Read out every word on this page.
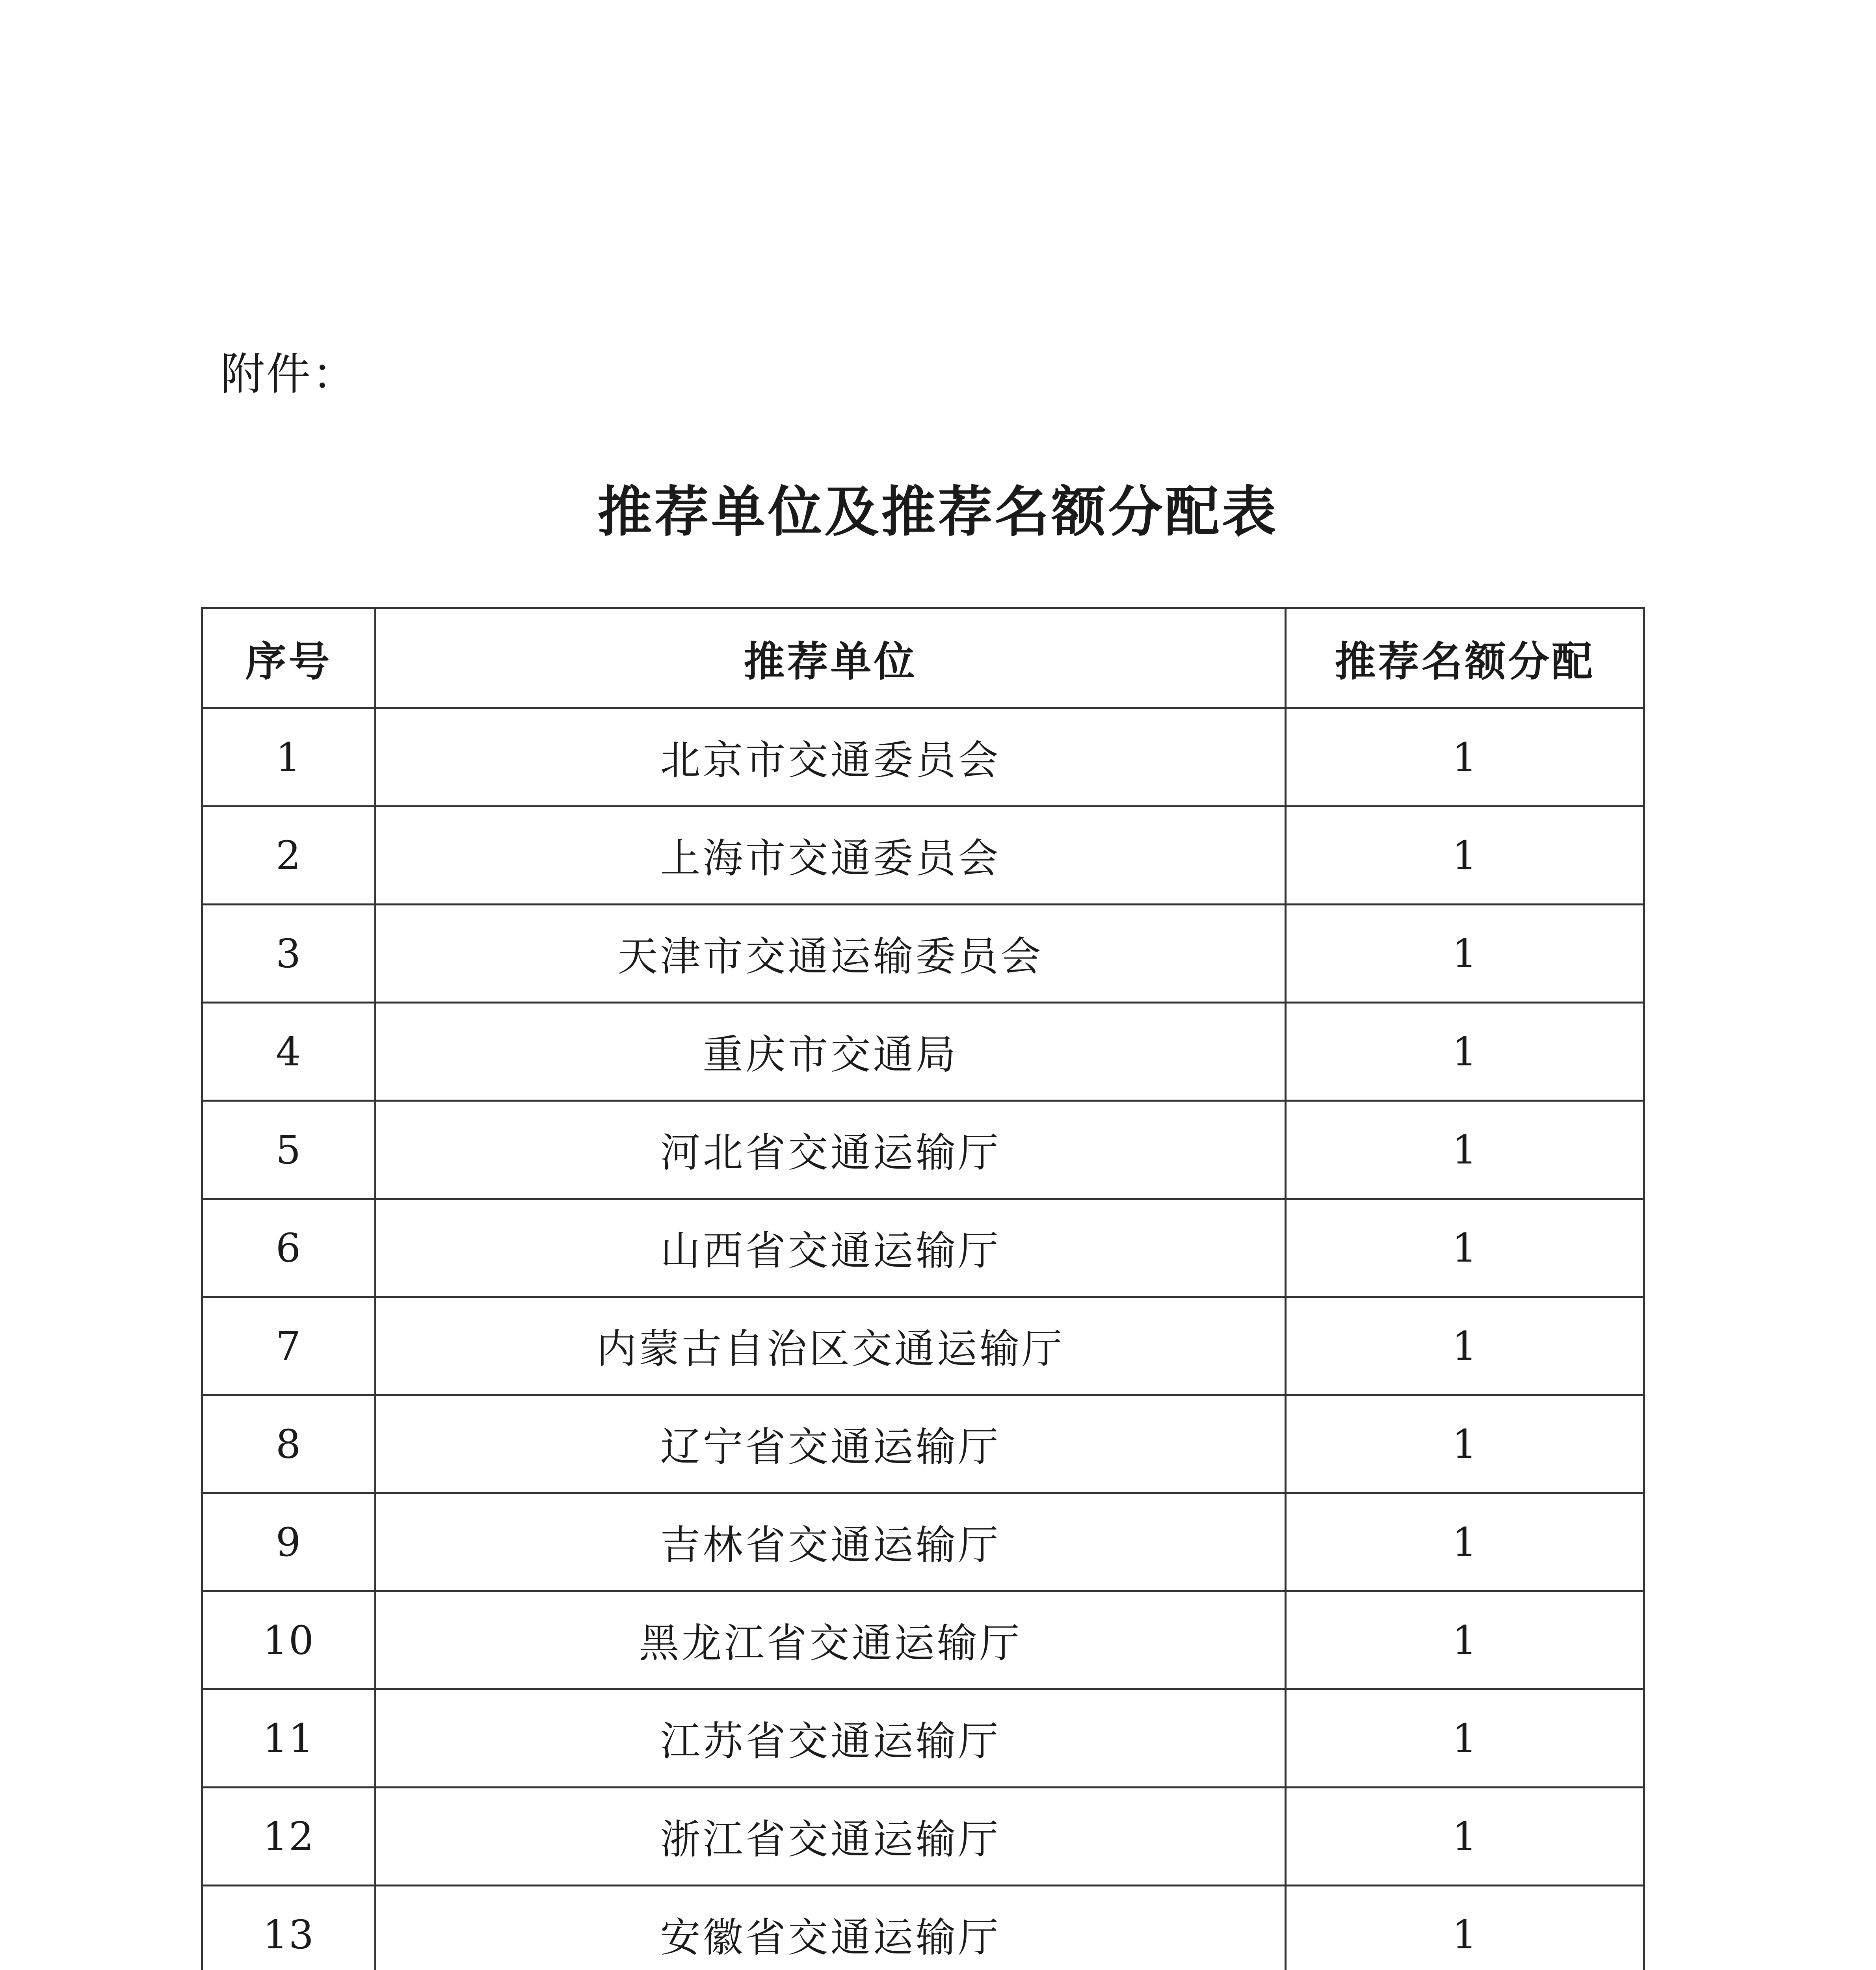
附件：
推荐单位及推荐名额分配表
序号	推荐单位	推荐名额分配
1	北京市交通委员会	1
2	上海市交通委员会	1
3	天津市交通运输委员会	1
4	重庆市交通局	1
5	河北省交通运输厅	1
6	山西省交通运输厅	1
7	内蒙古自治区交通运输厅	1
8	辽宁省交通运输厅	1
9	吉林省交通运输厅	1
10	黑龙江省交通运输厅	1
11	江苏省交通运输厅	1
12	浙江省交通运输厅	1
13	安徽省交通运输厅	1
